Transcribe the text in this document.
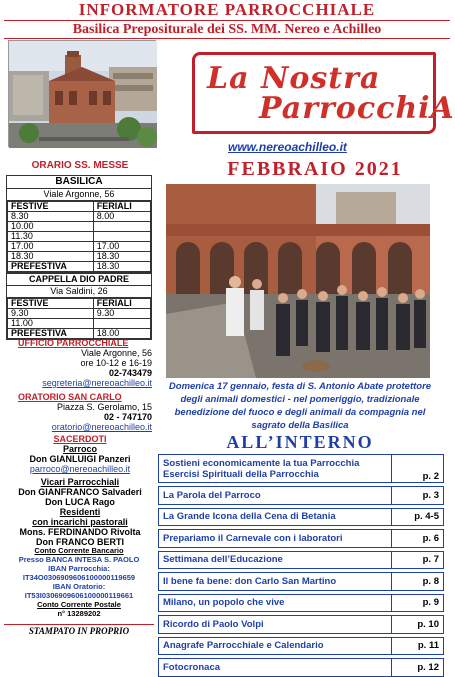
INFORMATORE PARROCCHIALE
Basilica Prepositurale dei SS. MM. Nereo e Achilleo
La Nostra
ParrocchiA
www.nereoachilleo.it
FEBBRAIO 2021
ORARIO SS. MESSE
BASILICA
Viale Argonne, 56
FESTIVE	FERIALI
8.30	8.00
10.00	
11.30	
17.00	17.00
18.30	18.30
PREFESTIVA	18.30
CAPPELLA DIO PADRE
Via Saldini, 26
FESTIVE	FERIALI
9.30	9.30
11.00	
PREFESTIVA	18.00
UFFICIO PARROCCHIALE
Viale Argonne, 56
ore 10-12 e 16-19
02-743479
segreteria@nereoachilleo.it
ORATORIO SAN CARLO
Piazza S. Gerolamo, 15
02 - 747170
oratorio@nereoachilleo.it
SACERDOTI
Parroco
Don GIANLUIGI Panzeri
parroco@nereoachilleo.it
Vicari Parrocchiali
Don GIANFRANCO Salvaderi
Don LUCA Rago
Residenti
con incarichi pastorali
Mons. FERDINANDO Rivolta
Don FRANCO BERTI
Conto Corrente Bancario
Presso BANCA INTESA S. PAOLO
IBAN Parrocchia:
IT34O0306909606100000119659
IBAN Oratorio:
IT53I0306909606100000119661
Conto Corrente Postale
n° 13289202
STAMPATO IN PROPRIO
Domenica 17 gennaio, festa di S. Antonio Abate protettore degli animali domestici - nel pomeriggio, tradizionale benedizione del fuoco e degli animali da compagnia nel sagrato della Basilica
ALL’INTERNO
Sostieni economicamente la tua Parrocchia
Esercisi Spirituali della Parrocchia	p. 2

La Parola del Parroco	p. 3

La Grande Icona della Cena di Betania	p. 4-5

Prepariamo il Carnevale con i laboratori	p. 6

Settimana dell’Educazione	p. 7

Il bene fa bene: don Carlo San Martino	p. 8

Milano, un popolo che vive	p. 9

Ricordo di Paolo Volpi	p. 10

Anagrafe Parrocchiale e Calendario	p. 11

Fotocronaca	p. 12
